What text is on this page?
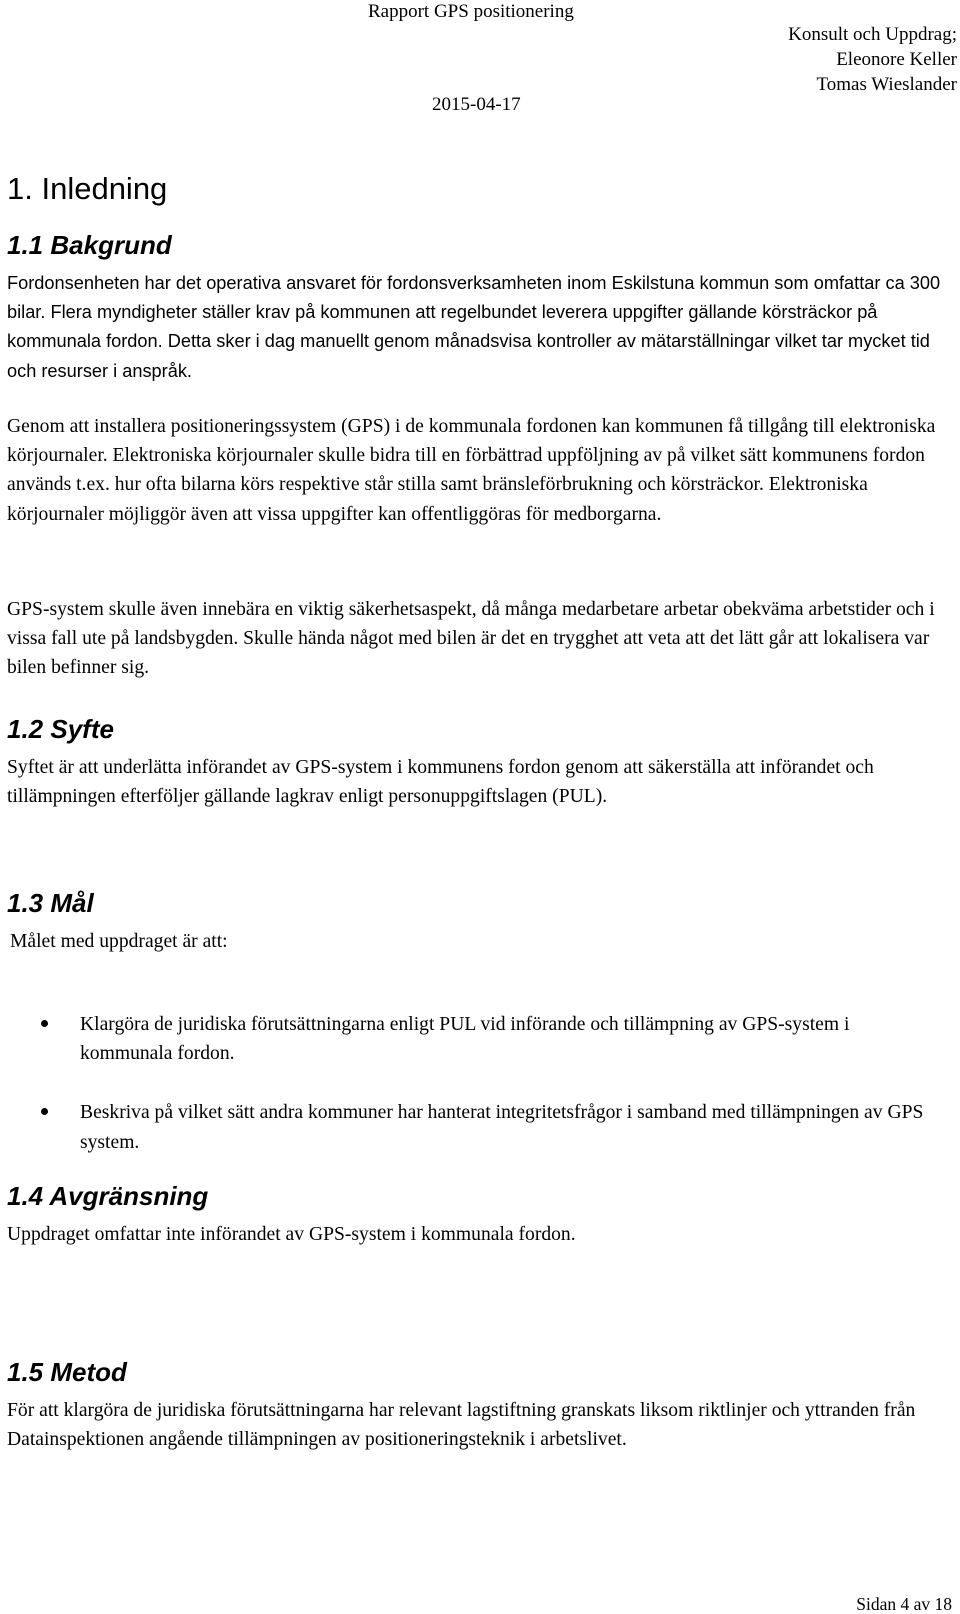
Rapport GPS positionering
Konsult och Uppdrag;
Eleonore Keller
Tomas Wieslander
2015-04-17
1. Inledning
1.1 Bakgrund

Fordonsenheten har det operativa ansvaret för fordonsverksamheten inom Eskilstuna kommun som omfattar ca 300 bilar. Flera myndigheter ställer krav på kommunen att regelbundet leverera uppgifter gällande körsträckor på kommunala fordon. Detta sker i dag manuellt genom månadsvisa kontroller av mätarställningar vilket tar mycket tid och resurser i anspråk.

Genom att installera positioneringssystem (GPS) i de kommunala fordonen kan kommunen få tillgång till elektroniska körjournaler. Elektroniska körjournaler skulle bidra till en förbättrad uppföljning av på vilket sätt kommunens fordon används t.ex. hur ofta bilarna körs respektive står stilla samt bränsleförbrukning och körsträckor. Elektroniska körjournaler möjliggör även att vissa uppgifter kan offentliggöras för medborgarna.

GPS-system skulle även innebära en viktig säkerhetsaspekt, då många medarbetare arbetar obekväma arbetstider och i vissa fall ute på landsbygden. Skulle hända något med bilen är det en trygghet att veta att det lätt går att lokalisera var bilen befinner sig.

1.2 Syfte

Syftet är att underlätta införandet av GPS-system i kommunens fordon genom att säkerställa att införandet och tillämpningen efterföljer gällande lagkrav enligt personuppgiftslagen (PUL).

1.3 Mål

Målet med uppdraget är att:

Klargöra de juridiska förutsättningarna enligt PUL vid införande och tillämpning av GPS-system i kommunala fordon.
Beskriva på vilket sätt andra kommuner har hanterat integritetsfrågor i samband med tillämpningen av GPS system.
1.4 Avgränsning

Uppdraget omfattar inte införandet av GPS-system i kommunala fordon.

1.5 Metod

För att klargöra de juridiska förutsättningarna har relevant lagstiftning granskats liksom riktlinjer och yttranden från Datainspektionen angående tillämpningen av positioneringsteknik i arbetslivet.

Sidan 4 av 18
